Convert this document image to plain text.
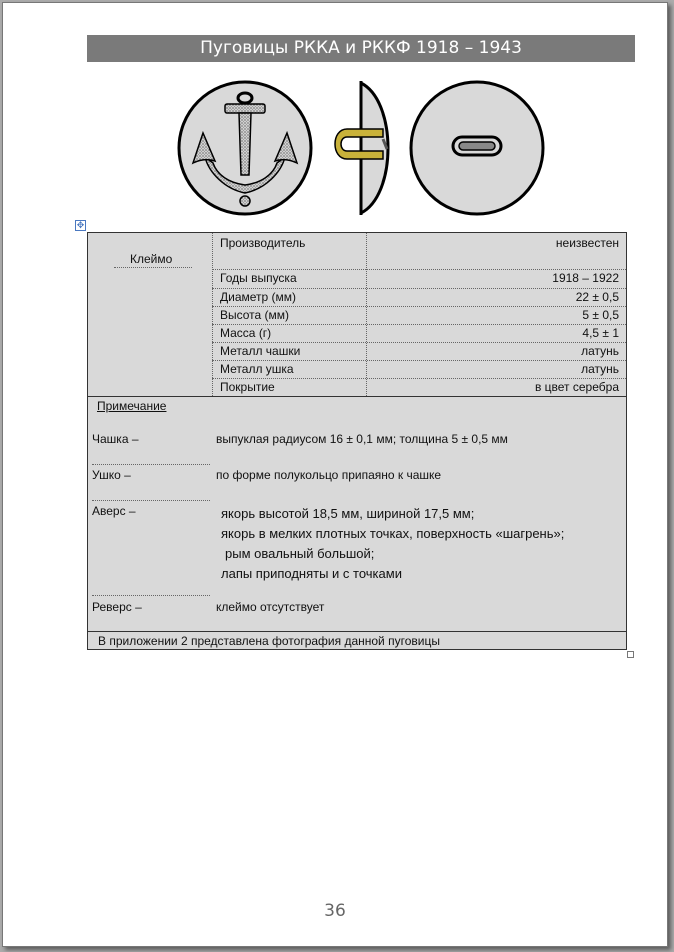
Пуговицы РККА и РККФ 1918 – 1943
✥
Клеймо
Производитель	неизвестен
Годы выпуска	1918 – 1922
Диаметр (мм)	22 ± 0,5
Высота (мм)	5 ± 0,5
Масса (г)	4,5 ± 1
Металл чашки	латунь
Металл ушка	латунь
Покрытие	в цвет серебра
Примечание
Чашка –	выпуклая радиусом 16 ± 0,1 мм; толщина 5 ± 0,5 мм
Ушко –	по форме полукольцо припаяно к чашке
Аверс –	якорь высотой 18,5 мм, шириной 17,5 мм;
якорь в мелких плотных точках, поверхность «шагрень»;
рым овальный большой;
лапы приподняты и с точками
Реверс –	клеймо отсутствует
В приложении 2 представлена фотография данной пуговицы
36
